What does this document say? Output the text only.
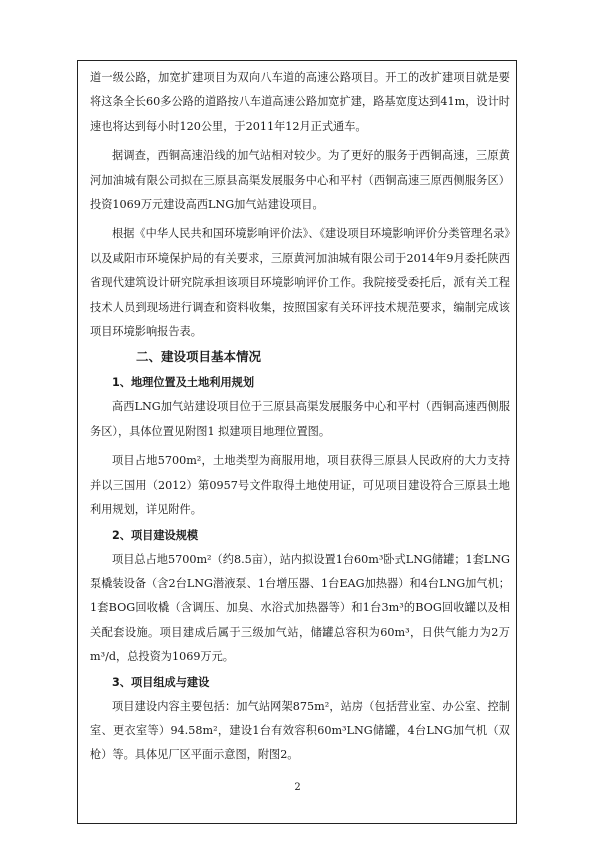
道一级公路，加宽扩建项目为双向八车道的高速公路项目。开工的改扩建项目就是要将这条全长60多公路的道路按八车道高速公路加宽扩建，路基宽度达到41m，设计时速也将达到每小时120公里，于2011年12月正式通车。

据调查，西铜高速沿线的加气站相对较少。为了更好的服务于西铜高速，三原黄河加油城有限公司拟在三原县高渠发展服务中心和平村（西铜高速三原西侧服务区）投资1069万元建设高西LNG加气站建设项目。

根据《中华人民共和国环境影响评价法》、《建设项目环境影响评价分类管理名录》以及咸阳市环境保护局的有关要求，三原黄河加油城有限公司于2014年9月委托陕西省现代建筑设计研究院承担该项目环境影响评价工作。我院接受委托后，派有关工程技术人员到现场进行调查和资料收集，按照国家有关环评技术规范要求，编制完成该项目环境影响报告表。

二、建设项目基本情况

1、地理位置及土地利用规划

高西LNG加气站建设项目位于三原县高渠发展服务中心和平村（西铜高速西侧服务区），具体位置见附图1 拟建项目地理位置图。

项目占地5700m²，土地类型为商服用地，项目获得三原县人民政府的大力支持并以三国用（2012）第0957号文件取得土地使用证，可见项目建设符合三原县土地利用规划，详见附件。

2、项目建设规模

项目总占地5700m²（约8.5亩），站内拟设置1台60m³卧式LNG储罐；1套LNG泵橇装设备（含2台LNG潜液泵、1台增压器、1台EAG加热器）和4台LNG加气机；1套BOG回收橇（含调压、加臭、水浴式加热器等）和1台3m³的BOG回收罐以及相关配套设施。项目建成后属于三级加气站，储罐总容积为60m³，日供气能力为2万m³/d，总投资为1069万元。

3、项目组成与建设

项目建设内容主要包括：加气站网架875m²，站房（包括营业室、办公室、控制室、更衣室等）94.58m²，建设1台有效容积60m³LNG储罐，4台LNG加气机（双枪）等。具体见厂区平面示意图，附图2。

2
